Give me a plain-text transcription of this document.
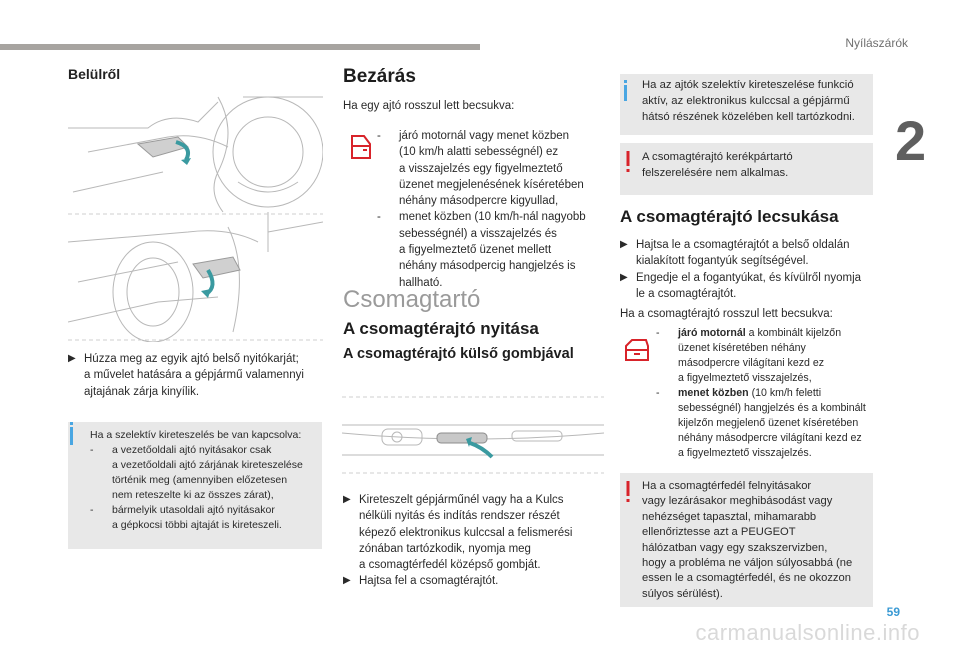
Nyílászárók
2
59
carmanualsonline.info
Belülről
▶ Húzza meg az egyik ajtó belső nyitókarját;
a művelet hatására a gépjármű valamennyi
ajtajának zárja kinyílik.
Ha a szelektív kireteszelés be van kapcsolva:
-	a vezetőoldali ajtó nyitásakor csak
a vezetőoldali ajtó zárjának kireteszelése
történik meg (amennyiben előzetesen
nem reteszelte ki az összes zárat),
-	bármelyik utasoldali ajtó nyitásakor
a gépkocsi többi ajtaját is kireteszeli.
Bezárás
Ha egy ajtó rosszul lett becsukva:
-	járó motornál vagy menet közben
(10 km/h alatti sebességnél) ez
a visszajelzés egy figyelmeztető
üzenet megjelenésének kíséretében
néhány másodpercre kigyullad,
-	menet közben (10 km/h-nál nagyobb
sebességnél) a visszajelzés és
a figyelmeztető üzenet mellett
néhány másodpercig hangjelzés is
hallható.
Csomagtartó
A csomagtérajtó nyitása
A csomagtérajtó külső gombjával
▶ Kireteszelt gépjárműnél vagy ha a Kulcs
nélküli nyitás és indítás rendszer részét
képező elektronikus kulccsal a felismerési
zónában tartózkodik, nyomja meg
a csomagtérfedél középső gombját.
▶ Hajtsa fel a csomagtérajtót.
Ha az ajtók szelektív kireteszelése funkció
aktív, az elektronikus kulccsal a gépjármű
hátsó részének közelében kell tartózkodni.
A csomagtérajtó kerékpártartó
felszerelésére nem alkalmas.
A csomagtérajtó lecsukása
▶ Hajtsa le a csomagtérajtót a belső oldalán
kialakított fogantyúk segítségével.
▶ Engedje el a fogantyúkat, és kívülről nyomja
le a csomagtérajtót.
Ha a csomagtérajtó rosszul lett becsukva:
-	járó motornál a kombinált kijelzőn
üzenet kíséretében néhány
másodpercre világítani kezd ez
a figyelmeztető visszajelzés,
-	menet közben (10 km/h feletti
sebességnél) hangjelzés és a kombinált
kijelzőn megjelenő üzenet kíséretében
néhány másodpercre világítani kezd ez
a figyelmeztető visszajelzés.
Ha a csomagtérfedél felnyitásakor
vagy lezárásakor meghibásodást vagy
nehézséget tapasztal, mihamarabb
ellenőriztesse azt a PEUGEOT
hálózatban vagy egy szakszervizben,
hogy a probléma ne váljon súlyosabbá (ne
essen le a csomagtérfedél, és ne okozzon
súlyos sérülést).
